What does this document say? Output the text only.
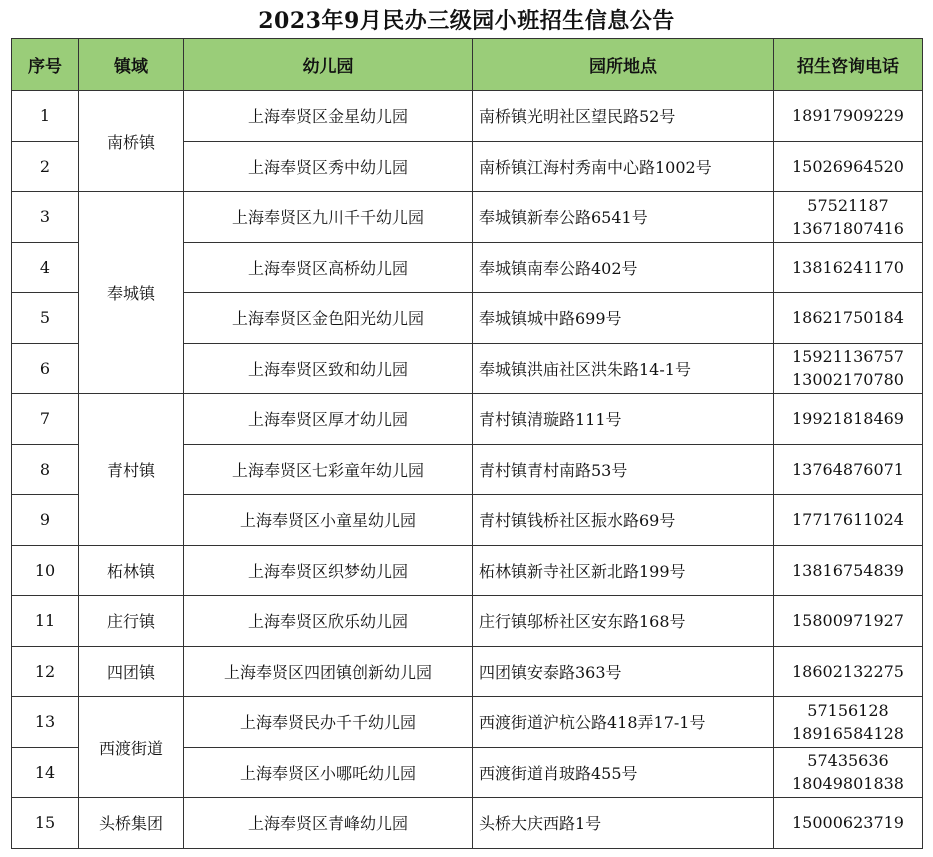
2023年9月民办三级园小班招生信息公告
序号	镇域	幼儿园	园所地点	招生咨询电话
1	南桥镇	上海奉贤区金星幼儿园	南桥镇光明社区望民路52号	18917909229

2		上海奉贤区秀中幼儿园	南桥镇江海村秀南中心路1002号	15026964520

3	奉城镇	上海奉贤区九川千千幼儿园	奉城镇新奉公路6541号	57521187
13671807416

4		上海奉贤区高桥幼儿园	奉城镇南奉公路402号	13816241170

5		上海奉贤区金色阳光幼儿园	奉城镇城中路699号	18621750184

6		上海奉贤区致和幼儿园	奉城镇洪庙社区洪朱路14-1号	15921136757
13002170780

7	青村镇	上海奉贤区厚才幼儿园	青村镇清璇路111号	19921818469

8		上海奉贤区七彩童年幼儿园	青村镇青村南路53号	13764876071

9		上海奉贤区小童星幼儿园	青村镇钱桥社区振水路69号	17717611024

10	柘林镇	上海奉贤区织梦幼儿园	柘林镇新寺社区新北路199号	13816754839

11	庄行镇	上海奉贤区欣乐幼儿园	庄行镇邬桥社区安东路168号	15800971927

12	四团镇	上海奉贤区四团镇创新幼儿园	四团镇安泰路363号	18602132275

13	西渡街道	上海奉贤民办千千幼儿园	西渡街道沪杭公路418弄17-1号	57156128
18916584128

14		上海奉贤区小哪吒幼儿园	西渡街道肖玻路455号	57435636
18049801838

15	头桥集团	上海奉贤区青峰幼儿园	头桥大庆西路1号	15000623719
